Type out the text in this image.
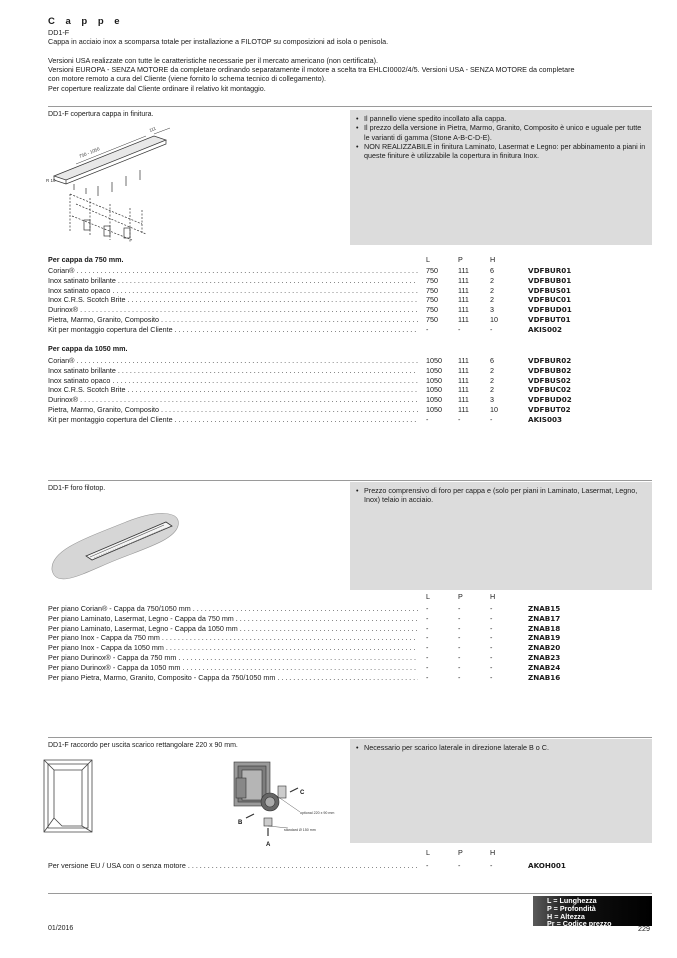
C a p p e

DD1-F

Cappa in acciaio inox a scomparsa totale per installazione a FILOTOP su composizioni ad isola o penisola.

Versioni USA realizzate con tutte le caratteristiche necessarie per il mercato americano (non certificata).

Versioni EUROPA - SENZA MOTORE da completare ordinando separatamente il motore a scelta tra EHLCI0002/4/5. Versioni USA - SENZA MOTORE da completare

con motore remoto a cura del Cliente (viene fornito lo schema tecnico di collegamento).

Per coperture realizzate dal Cliente ordinare il relativo kit montaggio.

DD1-F copertura cappa in finitura.
750 - 1050
111
R 10
• Il pannello viene spedito incollato alla cappa.
• Il prezzo della versione in Pietra, Marmo, Granito, Composito è unico e uguale per tutte le varianti di gamma (Stone A-B-C-D-E).
• NON REALIZZABILE in finitura Laminato, Lasermat e Legno: per abbinamento a piani in queste finiture è utilizzabile la copertura in finitura Inox.
Per cappa da 750 mm.	L	P	H
Corian® . . .	750	111	6	VDFBUR01
Inox satinato brillante . . .	750	111	2	VDFBUB01
Inox satinato opaco . . .	750	111	2	VDFBUS01
Inox C.R.S. Scotch Brite . . .	750	111	2	VDFBUC01
Durinox® . . .	750	111	3	VDFBUD01
Pietra, Marmo, Granito, Composito . . .	750	111	10	VDFBUT01
Kit per montaggio copertura del Cliente . . .	-	-	-	AKIS002
Per cappa da 1050 mm.
Corian® . . .	1050 111	6	VDFBUR02
Inox satinato brillante . . .	1050 111	2	VDFBUB02
Inox satinato opaco . . .	1050 111	2	VDFBUS02
Inox C.R.S. Scotch Brite . . .	1050 111	2	VDFBUC02
Durinox® . . .	1050 111	3	VDFBUD02
Pietra, Marmo, Granito, Composito . . .	1050 111	10	VDFBUT02
Kit per montaggio copertura del Cliente . . .	-	-	-	AKIS003
DD1-F foro filotop.	• Prezzo comprensivo di foro per cappa e (solo per piani in Laminato, Lasermat, Legno, Inox) telaio in acciaio.
L	P	H
Per piano Corian® - Cappa da 750/1050 mm . . .	-	-	-	ZNAB15
Per piano Laminato, Lasermat, Legno - Cappa da 750 mm . . .	-	-	-	ZNAB17
Per piano Laminato, Lasermat, Legno - Cappa da 1050 mm . . .	-	-	-	ZNAB18
Per piano Inox - Cappa da 750 mm . . .	-	-	-	ZNAB19
Per piano Inox - Cappa da 1050 mm . . .	-	-	-	ZNAB20
Per piano Durinox® - Cappa da 750 mm . . .	-	-	-	ZNAB23
Per piano Durinox® - Cappa da 1050 mm . . .	-	-	-	ZNAB24
Per piano Pietra, Marmo, Granito, Composito - Cappa da 750/1050 mm . . .	-	-	-	ZNAB16
DD1-F raccordo per uscita scarico rettangolare 220 x 90 mm.
B
C
A
optional 220 x 90 mm
standard Ø 150 mm
• Necessario per scarico laterale in direzione laterale B o C.
L	P	H
Per versione EU / USA con o senza motore . . .	-	-	-	AKOH001
L = Lunghezza
P = Profondità
H = Altezza
Pr = Codice prezzo
01/2016	229
